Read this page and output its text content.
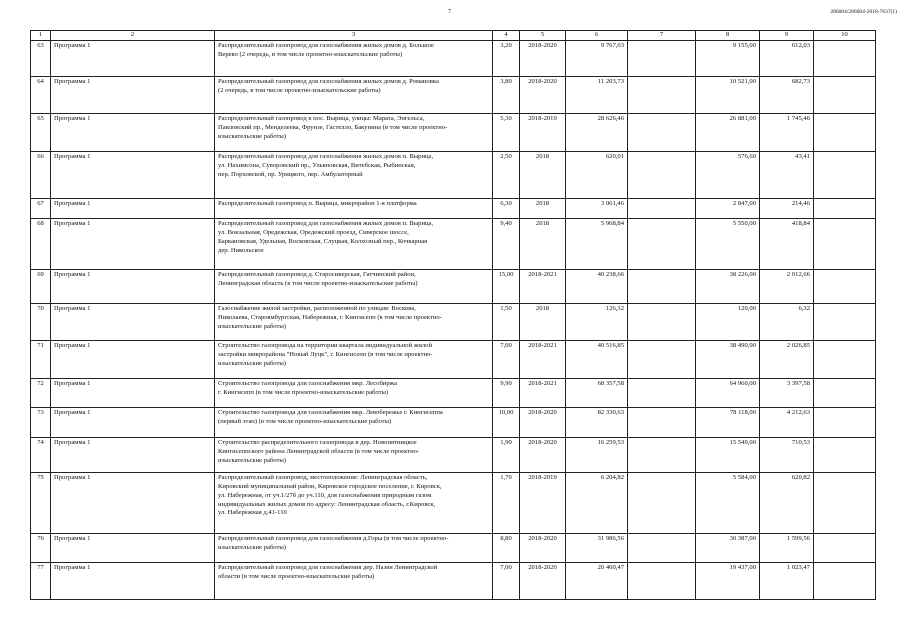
7	286004/286004-2018-7637(1)
1	2	3	4	5	6	7	8	9	10
63	Программа 1	Распределительный газопровод для газоснабжения жилых домов д. Большое
Верево (2 очередь, в том числе проектно-изыскательские работы)	3,20	2018-2020	9 767,03		9 155,00	612,03	
64	Программа 1	Распределительный газопровод для газоснабжения жилых домов д. Романовка
(2 очередь, в том числе проектно-изыскательские работы)	3,80	2018-2020	11 203,73		10 521,00	682,73	
65	Программа 1	Распределительный газопровод в пос. Вырица, улицы: Марата, Энгельса,
Павловский пр., Менделеева, Фрунзе, Гастелло, Бакунина (в том числе проектно-
изыскательские работы)	5,30	2018-2019	28 626,46		26 881,00	1 745,46	
66	Программа 1	Распределительный газопровод для газоснабжения жилых домов п. Вырица,
ул. Нахимсона, Суворовский пр., Ульяновская, Витебская, Рыбинская,
пер. Порховской, пр. Урицкого, пер. Амбулаторный	2,50	2018	620,01		576,60	43,41	
67	Программа 1	Распределительный газопровод п. Вырица, микрорайон 1-я платформа	6,30	2018	3 061,46		2 847,00	214,46	
68	Программа 1	Распределительный газопровод для газоснабжения жилых домов п. Вырица,
ул. Вокзальная, Оредежская, Оредежский проезд, Сиверское шоссе,
Баркановская, Удельная, Восковская, Слуцкая, Колхозный пер., Кочкарная
дер. Никольское	9,40	2018	5 968,84		5 550,00	418,84	
69	Программа 1	Распределительный газопровод д. Старосиверская, Гатчинский район,
Ленинградская область (в том числе проектно-изыскательские работы)	15,00	2018-2021	40 238,66		38 226,00	2 012,66	
70	Программа 1	Газоснабжение жилой застройки, расположенной по улицам: Воскова,
Николаева, Староямбургская, Набережная, г. Кингисепп (в том числе проектно-
изыскательские работы)	1,50	2018	126,32		120,00	6,32	
71	Программа 1	Строительство газопровода на территории квартала индивидуальной жилой
застройки микрорайона "Новый Луцк", г. Кингисепп (в том числе проектно-
изыскательские работы)	7,00	2018-2021	40 516,85		38 490,00	2 026,85	
72	Программа 1	Строительство газопровода для газоснабжения мкр. Лесобиржа
г. Кингисепп (в том числе проектно-изыскательские работы)	9,90	2018-2021	68 357,58		64 960,00	3 397,58	
73	Программа 1	Строительство газопровода для газоснабжения мкр. Левобережье г. Кингисеппа
(первый этап) (в том числе проектно-изыскательские работы)	10,00	2018-2020	82 330,63		78 118,00	4 212,63	
74	Программа 1	Строительство распределительного газопровода в дер. Новопятницкое
Кингисеппского района Ленинградской области (в том числе проектно-
изыскательские работы)	1,90	2018-2020	16 259,53		15 549,00	710,53	
75	Программа 1	Распределительный газопровод, местоположение: Ленинградская область,
Кировский муниципальный район, Кировское городское поселение, г. Кировск,
ул. Набережная, от уч.1/27б до уч.110, для газоснабжения природным газом
индивидуальных жилых домов по адресу: Ленинградская область, г.Кировск,
ул. Набережная д.41-110	1,70	2018-2019	6 204,82		5 584,00	620,82	
76	Программа 1	Распределительный газопровод для газоснабжения д.Горы (в том числе проектно-
изыскательские работы)	8,80	2018-2020	31 986,56		30 387,00	1 599,56	
77	Программа 1	Распределительный газопровод для газоснабжения дер. Назия Ленинградской
области (в том числе проектно-изыскательские работы)	7,00	2018-2020	20 460,47		19 437,00	1 023,47	
